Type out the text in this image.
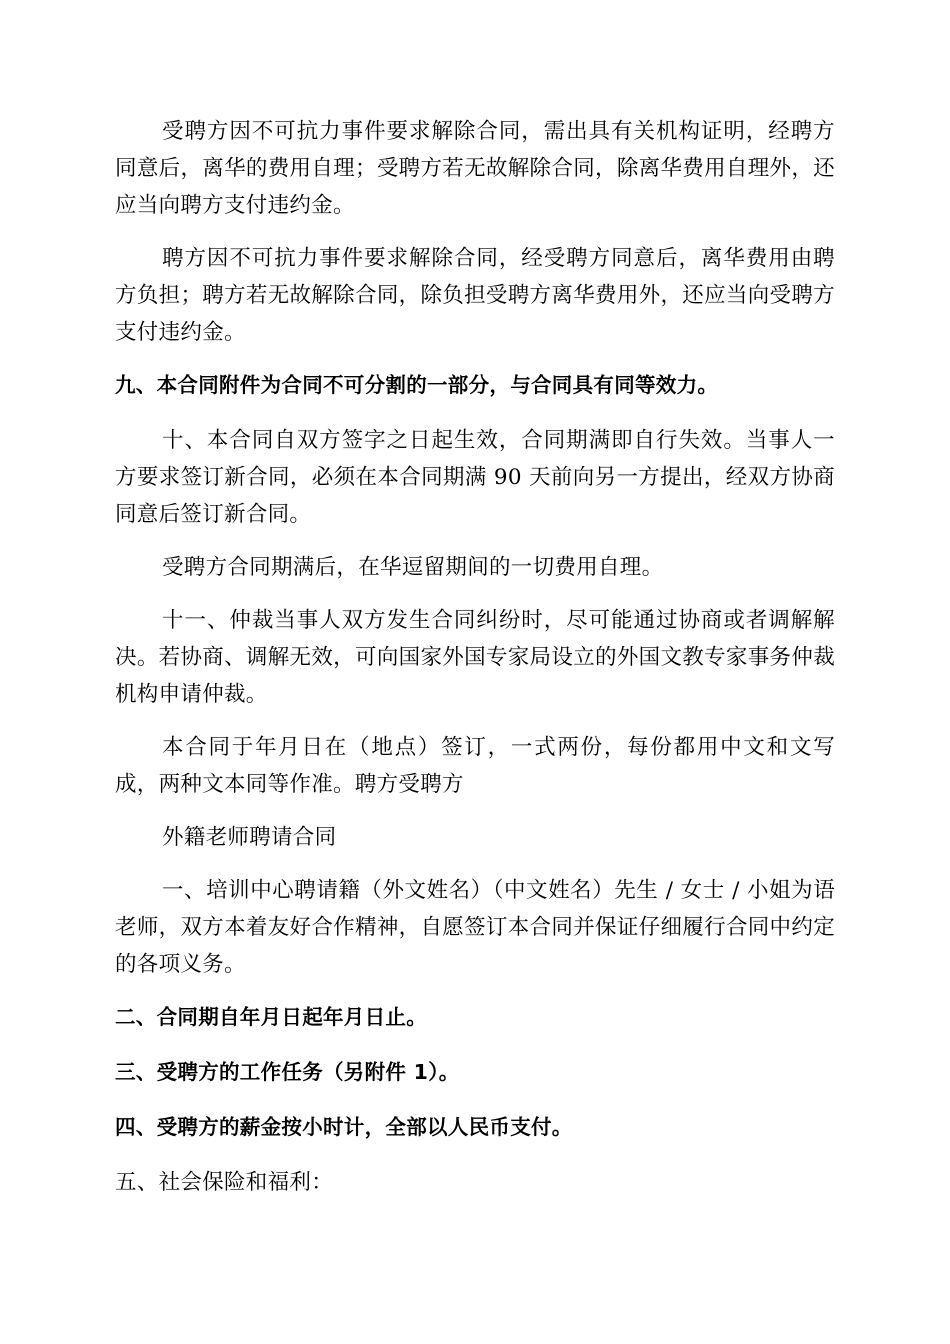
受聘方因不可抗力事件要求解除合同，需出具有关机构证明，经聘方同意后，离华的费用自理；受聘方若无故解除合同，除离华费用自理外，还应当向聘方支付违约金。

聘方因不可抗力事件要求解除合同，经受聘方同意后，离华费用由聘方负担；聘方若无故解除合同，除负担受聘方离华费用外，还应当向受聘方支付违约金。

九、本合同附件为合同不可分割的一部分，与合同具有同等效力。

十、本合同自双方签字之日起生效，合同期满即自行失效。当事人一方要求签订新合同，必须在本合同期满 90 天前向另一方提出，经双方协商同意后签订新合同。

受聘方合同期满后，在华逗留期间的一切费用自理。

十一、仲裁当事人双方发生合同纠纷时，尽可能通过协商或者调解解决。若协商、调解无效，可向国家外国专家局设立的外国文教专家事务仲裁机构申请仲裁。

本合同于年月日在（地点）签订，一式两份，每份都用中文和文写成，两种文本同等作准。聘方受聘方

外籍老师聘请合同

一、培训中心聘请籍（外文姓名）（中文姓名）先生 / 女士 / 小姐为语老师，双方本着友好合作精神，自愿签订本合同并保证仔细履行合同中约定的各项义务。

二、合同期自年月日起年月日止。

三、受聘方的工作任务（另附件 1）。

四、受聘方的薪金按小时计，全部以人民币支付。

五、社会保险和福利：
